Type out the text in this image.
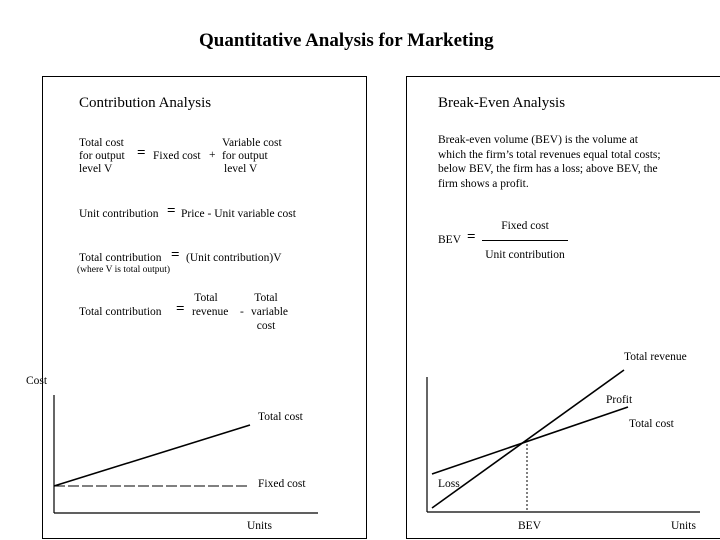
Quantitative Analysis for Marketing
Contribution Analysis
Total cost
for output
level V
= Fixed cost +
Variable cost
for output
level V
Unit contribution = Price - Unit variable cost
Total contribution = (Unit contribution)V
(where V is total output)
Total contribution =
Total
revenue -
Total
variable
cost
Break-Even Analysis
Break-even volume (BEV) is the volume at which the firm’s total revenues equal total costs; below BEV, the firm has a loss; above BEV, the firm shows a profit.
BEV =
Fixed cost
Unit contribution
Cost
Total cost
Fixed cost
Units
Total revenue
Profit
Total cost
Loss
BEV	Units
